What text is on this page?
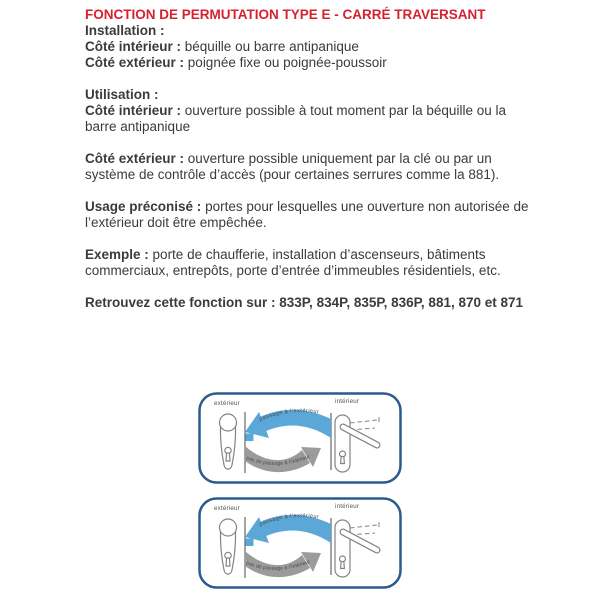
FONCTION DE PERMUTATION TYPE E - CARRÉ TRAVERSANT

Installation :
Côté intérieur : béquille ou barre antipanique
Côté extérieur : poignée fixe ou poignée-poussoir

Utilisation :
Côté intérieur : ouverture possible à tout moment par la béquille ou la barre antipanique

Côté extérieur : ouverture possible uniquement par la clé ou par un système de contrôle d’accès (pour certaines serrures comme la 881).

Usage préconisé : portes pour lesquelles une ouverture non autorisée de l’extérieur doit être empêchée.

Exemple : porte de chaufferie, installation d’ascenseurs, bâtiments commerciaux, entrepôts, porte d’entrée d’immeubles résidentiels, etc.

Retrouvez cette fonction sur : 833P, 834P, 835P, 836P, 881, 870 et 871

extérieur	intérieur
passage à l’extérieur
pas de passage à l’intérieur
extérieur	intérieur
passage à l’extérieur
pas de passage à l’intérieur
